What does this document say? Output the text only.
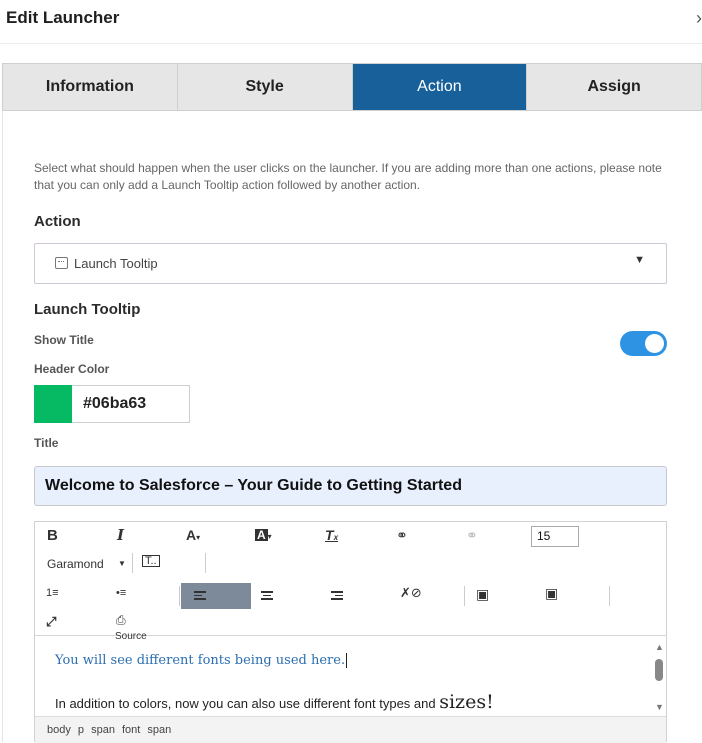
Edit Launcher	›
Information	Style	Action	Assign
Select what should happen when the user clicks on the launcher. If you are adding more than one actions, please note that you can only add a Launch Tooltip action followed by another action.
Action
Launch Tooltip	▼
Launch Tooltip
Show Title
Header Color
#06ba63
Title
Welcome to Salesforce – Your Guide to Getting Started
B	I	A▾	A ▾	Tx	⚭	⚭	15
Garamond ▼ T..
1≡	•≡	✗⊘	▣	▣
⤢	⎙
Source
You will see different fonts being used here.
In addition to colors, now you can also use different font types and sizes!
▲
▼
body p span font span
